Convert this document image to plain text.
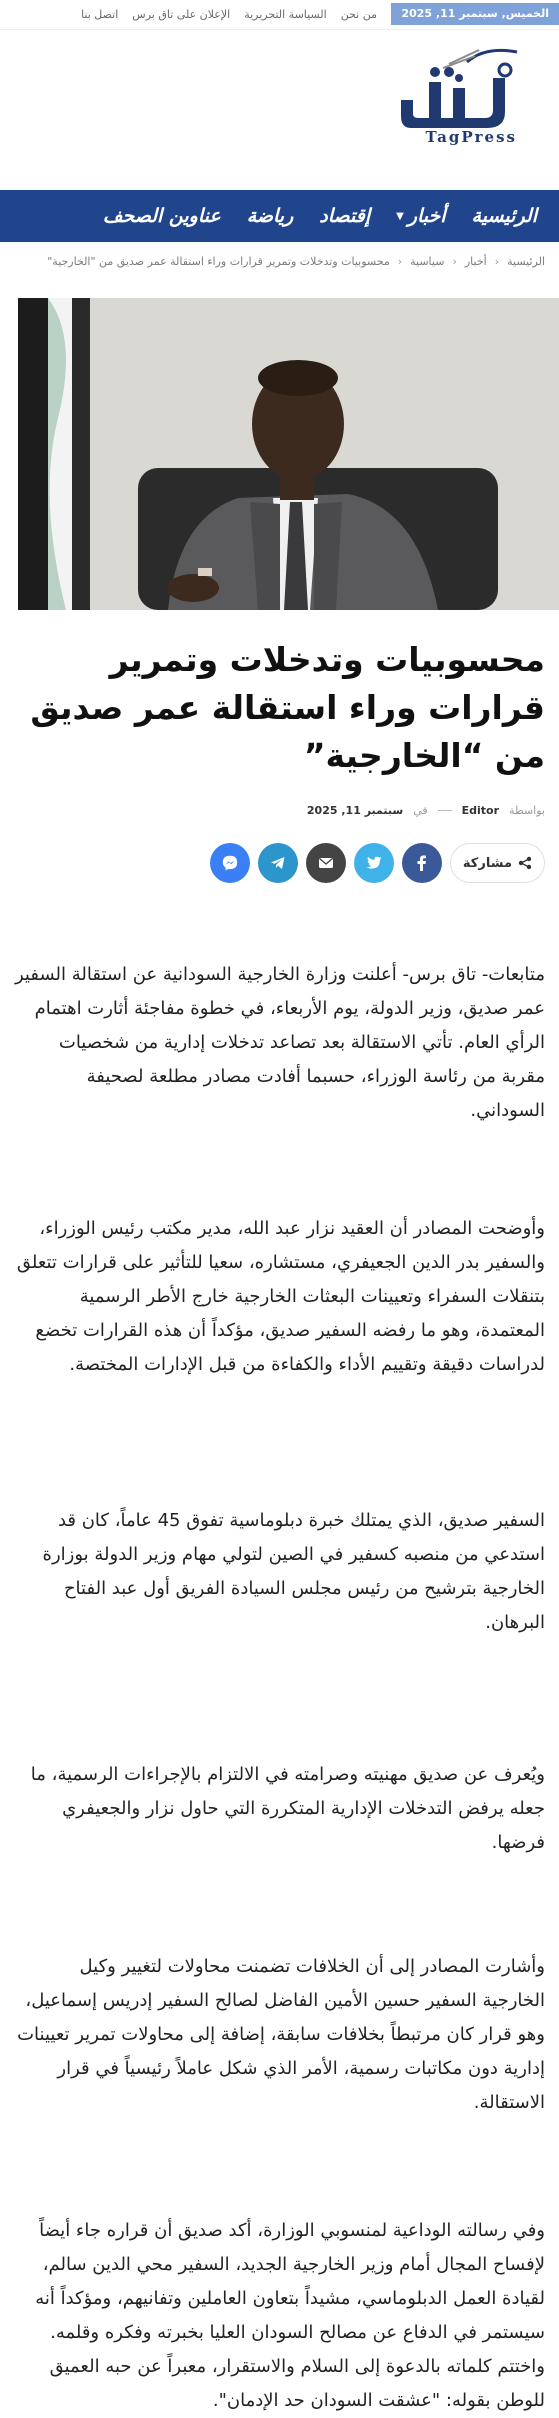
الخميس, سبتمبر 11, 2025
من نحن
السياسة التحريرية
الإعلان على تاق برس
اتصل بنا
TagPress
الرئيسية
أخبار
▼
إقتصاد
رياضة
عناوين الصحف
الرئيسية
‹
أخبار
‹
سياسية
‹
محسوبيات وتدخلات وتمرير قرارات وراء استقالة عمر صديق من "الخارجية"
محسوبيات وتدخلات وتمرير قرارات وراء استقالة عمر صديق من “الخارجية”
بواسطة
Editor
في
سبتمبر 11, 2025
مشاركة

متابعات- تاق برس- أعلنت وزارة الخارجية السودانية عن استقالة السفير عمر صديق، وزير الدولة، يوم الأربعاء، في خطوة مفاجئة أثارت اهتمام الرأي العام. تأتي الاستقالة بعد تصاعد تدخلات إدارية من شخصيات مقربة من رئاسة الوزراء، حسبما أفادت مصادر مطلعة لصحيفة السوداني.

وأوضحت المصادر أن العقيد نزار عبد الله، مدير مكتب رئيس الوزراء، والسفير بدر الدين الجعيفري، مستشاره، سعيا للتأثير على قرارات تتعلق بتنقلات السفراء وتعيينات البعثات الخارجية خارج الأطر الرسمية المعتمدة، وهو ما رفضه السفير صديق، مؤكداً أن هذه القرارات تخضع لدراسات دقيقة وتقييم الأداء والكفاءة من قبل الإدارات المختصة.

السفير صديق، الذي يمتلك خبرة دبلوماسية تفوق 45 عاماً، كان قد استدعي من منصبه كسفير في الصين لتولي مهام وزير الدولة بوزارة الخارجية بترشيح من رئيس مجلس السيادة الفريق أول عبد الفتاح البرهان.

ويُعرف عن صديق مهنيته وصرامته في الالتزام بالإجراءات الرسمية، ما جعله يرفض التدخلات الإدارية المتكررة التي حاول نزار والجعيفري فرضها.

وأشارت المصادر إلى أن الخلافات تضمنت محاولات لتغيير وكيل الخارجية السفير حسين الأمين الفاضل لصالح السفير إدريس إسماعيل، وهو قرار كان مرتبطاً بخلافات سابقة، إضافة إلى محاولات تمرير تعيينات إدارية دون مكاتبات رسمية، الأمر الذي شكل عاملاً رئيسياً في قرار الاستقالة.

وفي رسالته الوداعية لمنسوبي الوزارة، أكد صديق أن قراره جاء أيضاً لإفساح المجال أمام وزير الخارجية الجديد، السفير محي الدين سالم، لقيادة العمل الدبلوماسي، مشيداً بتعاون العاملين وتفانيهم، ومؤكداً أنه سيستمر في الدفاع عن مصالح السودان العليا بخبرته وفكره وقلمه. واختتم كلماته بالدعوة إلى السلام والاستقرار، معبراً عن حبه العميق للوطن بقوله: "عشقت السودان حد الإدمان".
